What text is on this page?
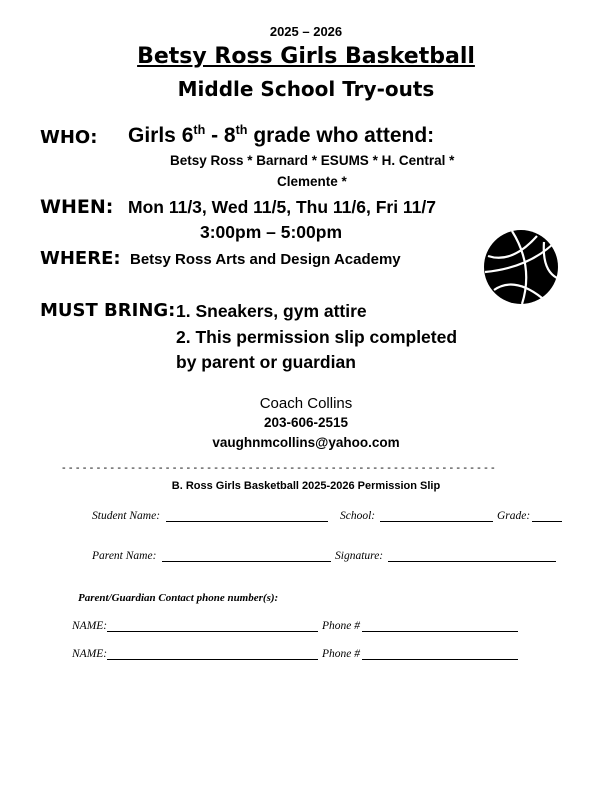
2025 – 2026
Betsy Ross Girls Basketball
Middle School Try-outs
WHO: Girls 6th - 8th grade who attend:
Betsy Ross * Barnard * ESUMS * H. Central *
Clemente *
WHEN: Mon 11/3, Wed 11/5, Thu 11/6, Fri 11/7
3:00pm – 5:00pm
WHERE: Betsy Ross Arts and Design Academy
MUST BRING: 1. Sneakers, gym attire
2. This permission slip completed
by parent or guardian
Coach Collins
203-606-2515
vaughnmcollins@yahoo.com
- - - - - - - - - - - - - - - - - - - - - - - - - - - - - - - - - - - - - - - - - - - - - - - - - - - - - - - - - - - - - - -
B. Ross Girls Basketball 2025-2026 Permission Slip
Student Name:	School:	Grade:
Parent Name:	Signature:
Parent/Guardian Contact phone number(s):
NAME:	Phone #
NAME:	Phone #
